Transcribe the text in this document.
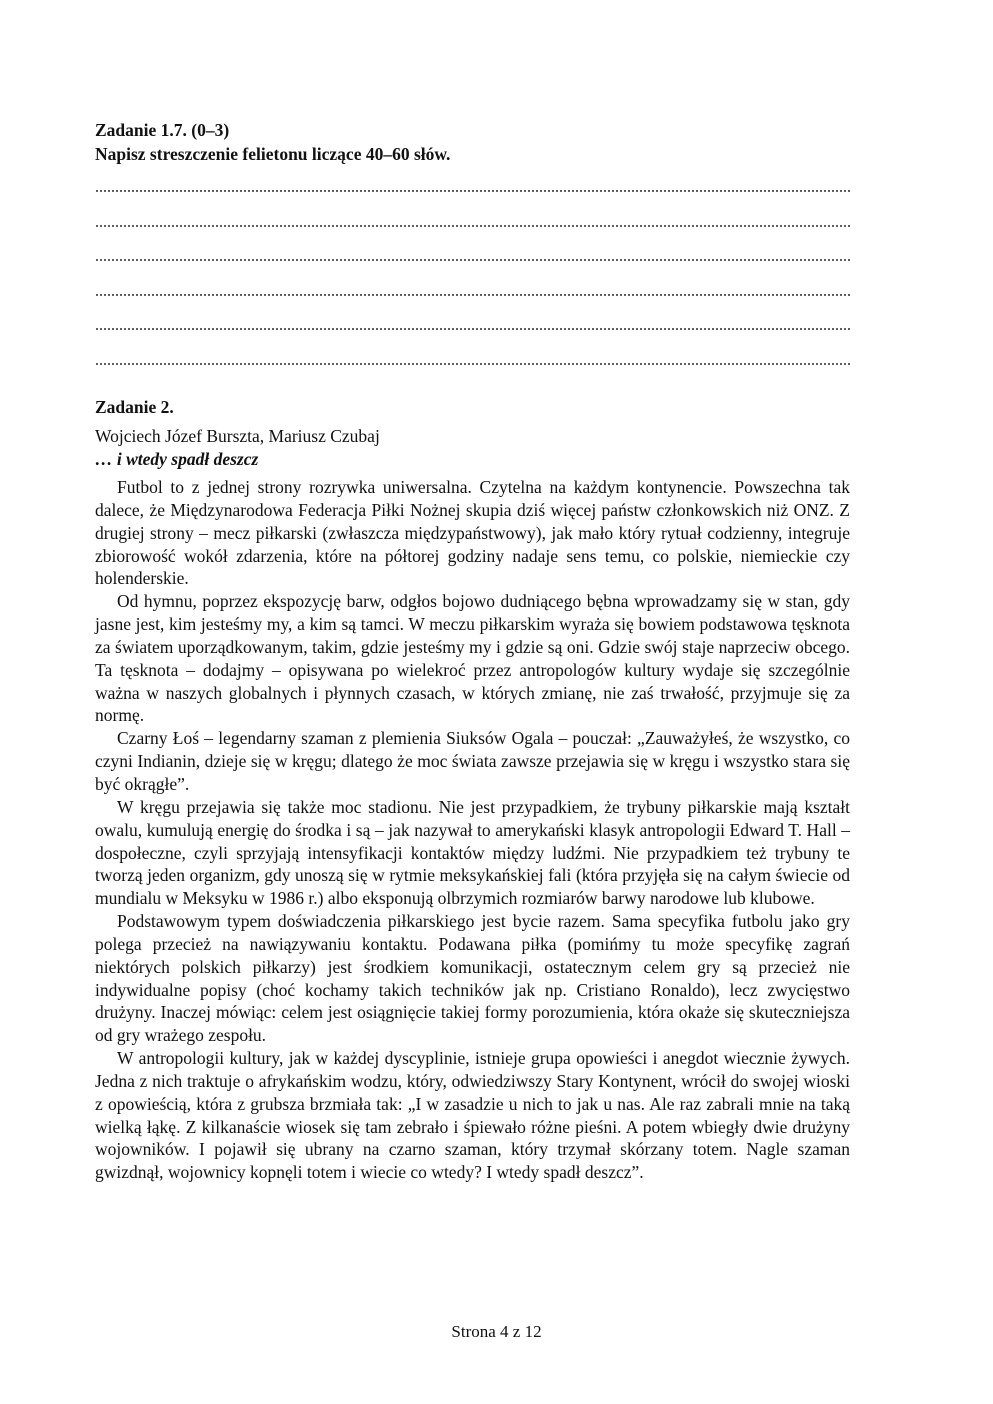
Zadanie 1.7. (0–3)
Napisz streszczenie felietonu liczące 40–60 słów.
Zadanie 2.
Wojciech Józef Burszta, Mariusz Czubaj
… i wtedy spadł deszcz

Futbol to z jednej strony rozrywka uniwersalna. Czytelna na każdym kontynencie. Powszechna tak dalece, że Międzynarodowa Federacja Piłki Nożnej skupia dziś więcej państw członkowskich niż ONZ. Z drugiej strony – mecz piłkarski (zwłaszcza międzypaństwowy), jak mało który rytuał codzienny, integruje zbiorowość wokół zdarzenia, które na półtorej godziny nadaje sens temu, co polskie, niemieckie czy holenderskie.

Od hymnu, poprzez ekspozycję barw, odgłos bojowo dudniącego bębna wprowadzamy się w stan, gdy jasne jest, kim jesteśmy my, a kim są tamci. W meczu piłkarskim wyraża się bowiem podstawowa tęsknota za światem uporządkowanym, takim, gdzie jesteśmy my i gdzie są oni. Gdzie swój staje naprzeciw obcego. Ta tęsknota – dodajmy – opisywana po wielekroć przez antropologów kultury wydaje się szczególnie ważna w naszych globalnych i płynnych czasach, w których zmianę, nie zaś trwałość, przyjmuje się za normę.

Czarny Łoś – legendarny szaman z plemienia Siuksów Ogala – pouczał: „Zauważyłeś, że wszystko, co czyni Indianin, dzieje się w kręgu; dlatego że moc świata zawsze przejawia się w kręgu i wszystko stara się być okrągłe”.

W kręgu przejawia się także moc stadionu. Nie jest przypadkiem, że trybuny piłkarskie mają kształt owalu, kumulują energię do środka i są – jak nazywał to amerykański klasyk antropologii Edward T. Hall – dospołeczne, czyli sprzyjają intensyfikacji kontaktów między ludźmi. Nie przypadkiem też trybuny te tworzą jeden organizm, gdy unoszą się w rytmie meksykańskiej fali (która przyjęła się na całym świecie od mundialu w Meksyku w 1986 r.) albo eksponują olbrzymich rozmiarów barwy narodowe lub klubowe.

Podstawowym typem doświadczenia piłkarskiego jest bycie razem. Sama specyfika futbolu jako gry polega przecież na nawiązywaniu kontaktu. Podawana piłka (pomińmy tu może specyfikę zagrań niektórych polskich piłkarzy) jest środkiem komunikacji, ostatecznym celem gry są przecież nie indywidualne popisy (choć kochamy takich techników jak np. Cristiano Ronaldo), lecz zwycięstwo drużyny. Inaczej mówiąc: celem jest osiągnięcie takiej formy porozumienia, która okaże się skuteczniejsza od gry wrażego zespołu.

W antropologii kultury, jak w każdej dyscyplinie, istnieje grupa opowieści i anegdot wiecznie żywych. Jedna z nich traktuje o afrykańskim wodzu, który, odwiedziwszy Stary Kontynent, wrócił do swojej wioski z opowieścią, która z grubsza brzmiała tak: „I w zasadzie u nich to jak u nas. Ale raz zabrali mnie na taką wielką łąkę. Z kilkanaście wiosek się tam zebrało i śpiewało różne pieśni. A potem wbiegły dwie drużyny wojowników. I pojawił się ubrany na czarno szaman, który trzymał skórzany totem. Nagle szaman gwizdnął, wojownicy kopnęli totem i wiecie co wtedy? I wtedy spadł deszcz”.

Strona 4 z 12
